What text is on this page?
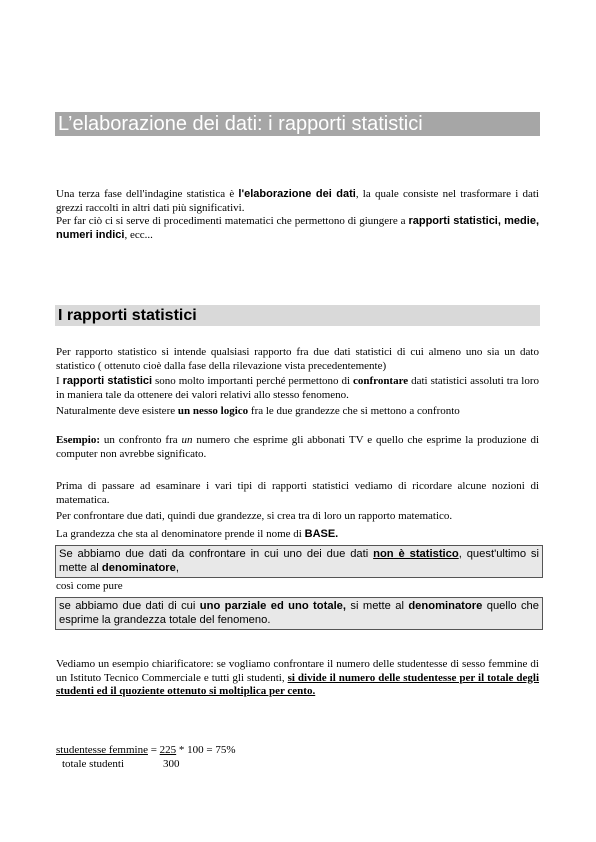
L’elaborazione dei dati: i rapporti statistici
Una terza fase dell'indagine statistica è l'elaborazione dei dati, la quale consiste nel trasformare i dati grezzi raccolti in altri dati più significativi.
Per far ciò ci si serve di procedimenti matematici che permettono di giungere a rapporti statistici, medie, numeri indici, ecc...
I rapporti statistici
Per rapporto statistico si intende qualsiasi rapporto fra due dati statistici di cui almeno uno sia un dato statistico ( ottenuto cioè dalla fase della rilevazione vista precedentemente)
I rapporti statistici sono molto importanti perché permettono di confrontare dati statistici assoluti tra loro in maniera tale da ottenere dei valori relativi allo stesso fenomeno.
Naturalmente deve esistere un nesso logico fra le due grandezze che si mettono a confronto
Esempio: un confronto fra un numero che esprime gli abbonati TV e quello che esprime la produzione di computer non avrebbe significato.
Prima di passare ad esaminare i vari tipi di rapporti statistici vediamo di ricordare alcune nozioni di matematica.
Per confrontare due dati, quindi due grandezze, si crea tra di loro un rapporto matematico.
La grandezza che sta al denominatore prende il nome di BASE.
Se abbiamo due dati da confrontare in cui uno dei due dati non è statistico, quest'ultimo si mette al denominatore,
così come pure
se abbiamo due dati di cui uno parziale ed uno totale, si mette al denominatore quello che esprime la grandezza totale del fenomeno.
Vediamo un esempio chiarificatore: se vogliamo confrontare il numero delle studentesse di sesso femmine di un Istituto Tecnico Commerciale e tutti gli studenti, si divide il numero delle studentesse per il totale degli studenti ed il quoziente ottenuto si moltiplica per cento.
studentesse femmine = 225 * 100 = 75%
totale studenti	300
